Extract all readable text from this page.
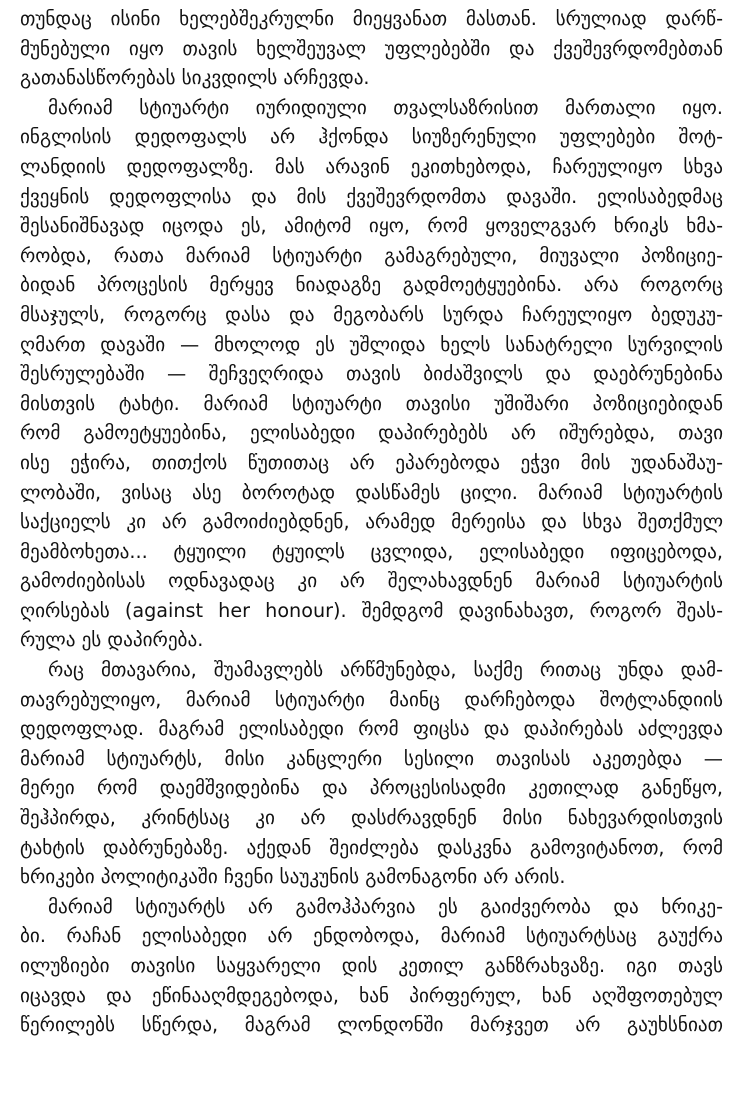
თუნდაც ისინი ხელებშეკრულნი მიეყვანათ მასთან. სრულიად დარწ-
მუნებული იყო თავის ხელშეუვალ უფლებებში და ქვეშევრდომებთან
გათანასწორებას სიკვდილს არჩევდა.
მარიამ სტიუარტი იურიდიული თვალსაზრისით მართალი იყო.
ინგლისის დედოფალს არ ჰქონდა სიუზერენული უფლებები შოტ-
ლანდიის დედოფალზე. მას არავინ ეკითხებოდა, ჩარეულიყო სხვა
ქვეყნის დედოფლისა და მის ქვეშევრდომთა დავაში. ელისაბედმაც
შესანიშნავად იცოდა ეს, ამიტომ იყო, რომ ყოველგვარ ხრიკს ხმა-
რობდა, რათა მარიამ სტიუარტი გამაგრებული, მიუვალი პოზიციე-
ბიდან პროცესის მერყევ ნიადაგზე გადმოეტყუებინა. არა როგორც
მსაჯულს, როგორც დასა და მეგობარს სურდა ჩარეულიყო ბედუკუ-
ღმართ დავაში — მხოლოდ ეს უშლიდა ხელს სანატრელი სურვილის
შესრულებაში — შეჩვეღრიდა თავის ბიძაშვილს და დაებრუნებინა
მისთვის ტახტი. მარიამ სტიუარტი თავისი უშიშარი პოზიციებიდან
რომ გამოეტყუებინა, ელისაბედი დაპირებებს არ იშურებდა, თავი
ისე ეჭირა, თითქოს წუთითაც არ ეპარებოდა ეჭვი მის უდანაშაუ-
ლობაში, ვისაც ასე ბოროტად დასწამეს ცილი. მარიამ სტიუარტის
საქციელს კი არ გამოიძიებდნენ, არამედ მერეისა და სხვა შეთქმულ
მეამბოხეთა... ტყუილი ტყუილს ცვლიდა, ელისაბედი იფიცებოდა,
გამოძიებისას ოდნავადაც კი არ შელახავდნენ მარიამ სტიუარტის
ღირსებას (against her honour). შემდგომ დავინახავთ, როგორ შეას-
რულა ეს დაპირება.
რაც მთავარია, შუამავლებს არწმუნებდა, საქმე რითაც უნდა დამ-
თავრებულიყო, მარიამ სტიუარტი მაინც დარჩებოდა შოტლანდიის
დედოფლად. მაგრამ ელისაბედი რომ ფიცსა და დაპირებას აძლევდა
მარიამ სტიუარტს, მისი კანცლერი სესილი თავისას აკეთებდა —
მერეი რომ დაემშვიდებინა და პროცესისადმი კეთილად განეწყო,
შეჰპირდა, კრინტსაც კი არ დასძრავდნენ მისი ნახევარდისთვის
ტახტის დაბრუნებაზე. აქედან შეიძლება დასკვნა გამოვიტანოთ, რომ
ხრიკები პოლიტიკაში ჩვენი საუკუნის გამონაგონი არ არის.
მარიამ სტიუარტს არ გამოჰპარვია ეს გაიძვერობა და ხრიკე-
ბი. რაჩან ელისაბედი არ ენდობოდა, მარიამ სტიუარტსაც გაუქრა
ილუზიები თავისი საყვარელი დის კეთილ განზრახვაზე. იგი თავს
იცავდა და ეწინააღმდეგებოდა, ხან პირფერულ, ხან აღშფოთებულ
წერილებს სწერდა, მაგრამ ლონდონში მარჯვეთ არ გაუხსნიათ
